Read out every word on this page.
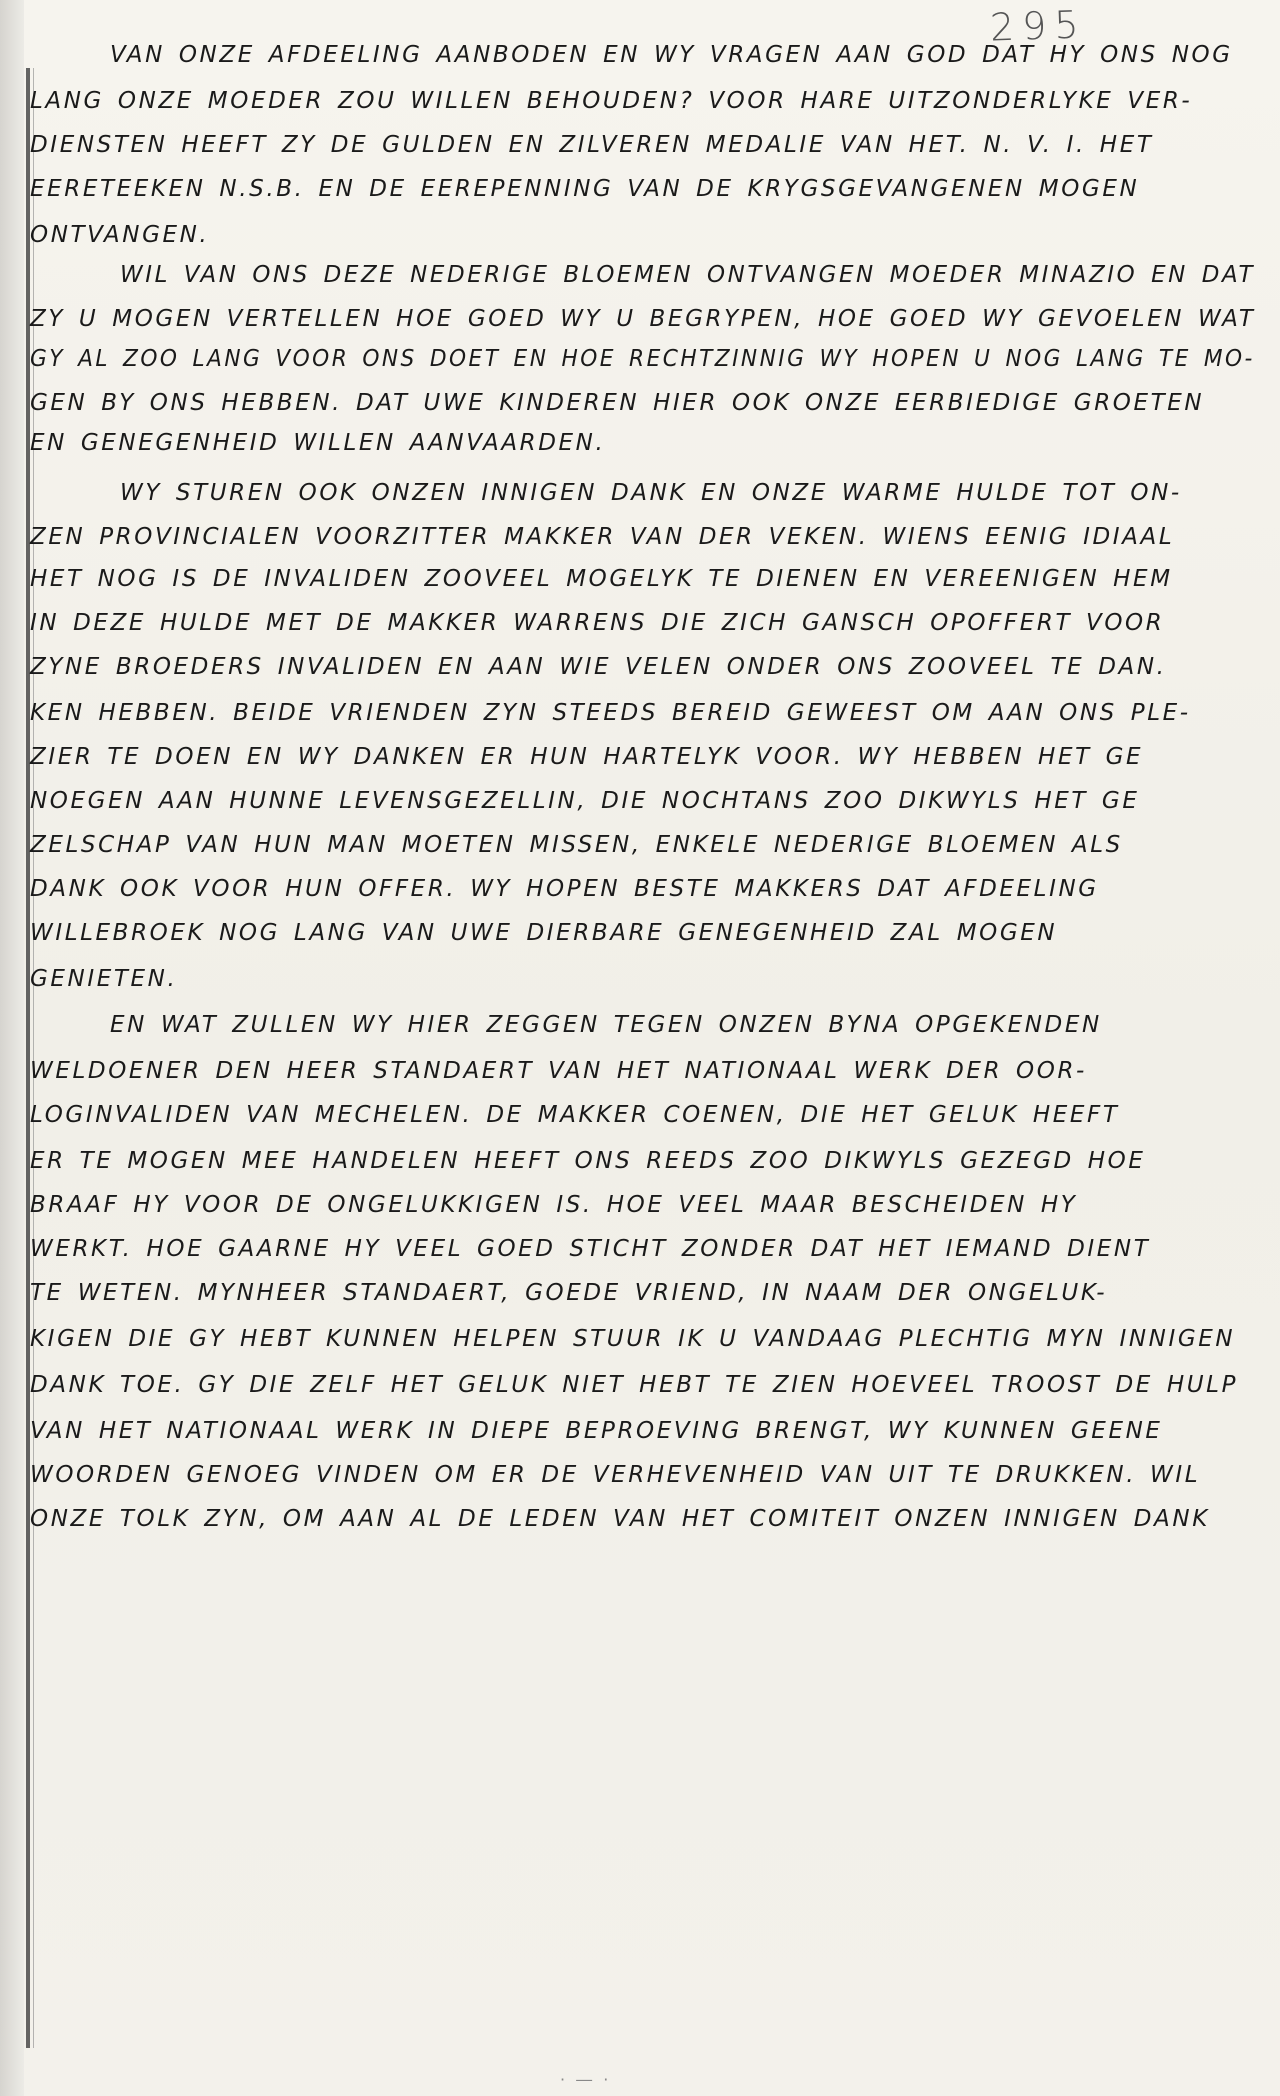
295
VAN ONZE AFDEELING AANBODEN EN WY VRAGEN AAN GOD DAT HY ONS NOG
LANG ONZE MOEDER ZOU WILLEN BEHOUDEN? VOOR HARE UITZONDERLYKE VER-
DIENSTEN HEEFT ZY DE GULDEN EN ZILVEREN MEDALIE VAN HET. N. V. I. HET
EERETEEKEN N.S.B. EN DE EEREPENNING VAN DE KRYGSGEVANGENEN MOGEN
ONTVANGEN.
WIL VAN ONS DEZE NEDERIGE BLOEMEN ONTVANGEN MOEDER MINAZIO EN DAT
ZY U MOGEN VERTELLEN HOE GOED WY U BEGRYPEN, HOE GOED WY GEVOELEN WAT
GY AL ZOO LANG VOOR ONS DOET EN HOE RECHTZINNIG WY HOPEN U NOG LANG TE MO-
GEN BY ONS HEBBEN. DAT UWE KINDEREN HIER OOK ONZE EERBIEDIGE GROETEN
EN GENEGENHEID WILLEN AANVAARDEN.
WY STUREN OOK ONZEN INNIGEN DANK EN ONZE WARME HULDE TOT ON-
ZEN PROVINCIALEN VOORZITTER MAKKER VAN DER VEKEN. WIENS EENIG IDIAAL
HET NOG IS DE INVALIDEN ZOOVEEL MOGELYK TE DIENEN EN VEREENIGEN HEM
IN DEZE HULDE MET DE MAKKER WARRENS DIE ZICH GANSCH OPOFFERT VOOR
ZYNE BROEDERS INVALIDEN EN AAN WIE VELEN ONDER ONS ZOOVEEL TE DAN.
KEN HEBBEN. BEIDE VRIENDEN ZYN STEEDS BEREID GEWEEST OM AAN ONS PLE-
ZIER TE DOEN EN WY DANKEN ER HUN HARTELYK VOOR. WY HEBBEN HET GE
NOEGEN AAN HUNNE LEVENSGEZELLIN, DIE NOCHTANS ZOO DIKWYLS HET GE
ZELSCHAP VAN HUN MAN MOETEN MISSEN, ENKELE NEDERIGE BLOEMEN ALS
DANK OOK VOOR HUN OFFER. WY HOPEN BESTE MAKKERS DAT AFDEELING
WILLEBROEK NOG LANG VAN UWE DIERBARE GENEGENHEID ZAL MOGEN
GENIETEN.
EN WAT ZULLEN WY HIER ZEGGEN TEGEN ONZEN BYNA OPGEKENDEN
WELDOENER DEN HEER STANDAERT VAN HET NATIONAAL WERK DER OOR-
LOGINVALIDEN VAN MECHELEN. DE MAKKER COENEN, DIE HET GELUK HEEFT
ER TE MOGEN MEE HANDELEN HEEFT ONS REEDS ZOO DIKWYLS GEZEGD HOE
BRAAF HY VOOR DE ONGELUKKIGEN IS. HOE VEEL MAAR BESCHEIDEN HY
WERKT. HOE GAARNE HY VEEL GOED STICHT ZONDER DAT HET IEMAND DIENT
TE WETEN. MYNHEER STANDAERT, GOEDE VRIEND, IN NAAM DER ONGELUK-
KIGEN DIE GY HEBT KUNNEN HELPEN STUUR IK U VANDAAG PLECHTIG MYN INNIGEN
DANK TOE. GY DIE ZELF HET GELUK NIET HEBT TE ZIEN HOEVEEL TROOST DE HULP
VAN HET NATIONAAL WERK IN DIEPE BEPROEVING BRENGT, WY KUNNEN GEENE
WOORDEN GENOEG VINDEN OM ER DE VERHEVENHEID VAN UIT TE DRUKKEN. WIL
ONZE TOLK ZYN, OM AAN AL DE LEDEN VAN HET COMITEIT ONZEN INNIGEN DANK
· ― ·
